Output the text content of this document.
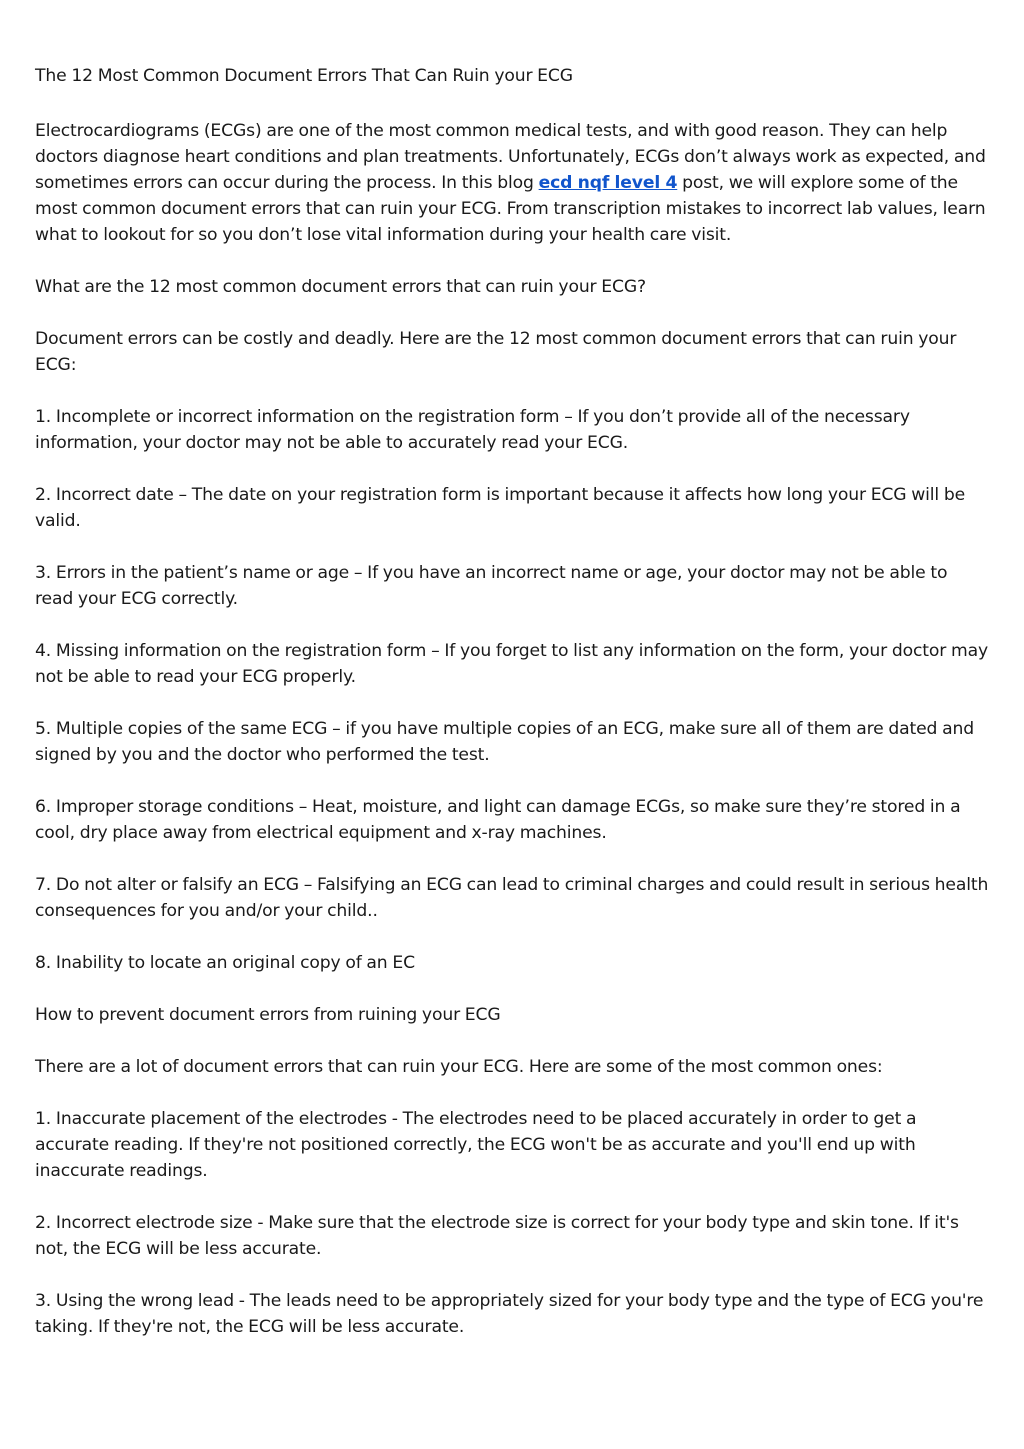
The 12 Most Common Document Errors That Can Ruin your ECG

Electrocardiograms (ECGs) are one of the most common medical tests, and with good reason. They can help doctors diagnose heart conditions and plan treatments. Unfortunately, ECGs don’t always work as expected, and sometimes errors can occur during the process. In this blog ecd nqf level 4 post, we will explore some of the most common document errors that can ruin your ECG. From transcription mistakes to incorrect lab values, learn what to lookout for so you don’t lose vital information during your health care visit.

What are the 12 most common document errors that can ruin your ECG?

Document errors can be costly and deadly. Here are the 12 most common document errors that can ruin your ECG:

1. Incomplete or incorrect information on the registration form – If you don’t provide all of the necessary information, your doctor may not be able to accurately read your ECG.

2. Incorrect date – The date on your registration form is important because it affects how long your ECG will be valid.

3. Errors in the patient’s name or age – If you have an incorrect name or age, your doctor may not be able to read your ECG correctly.

4. Missing information on the registration form – If you forget to list any information on the form, your doctor may not be able to read your ECG properly.

5. Multiple copies of the same ECG – if you have multiple copies of an ECG, make sure all of them are dated and signed by you and the doctor who performed the test.

6. Improper storage conditions – Heat, moisture, and light can damage ECGs, so make sure they’re stored in a cool, dry place away from electrical equipment and x-ray machines.

7. Do not alter or falsify an ECG – Falsifying an ECG can lead to criminal charges and could result in serious health consequences for you and/or your child..

8. Inability to locate an original copy of an EC

How to prevent document errors from ruining your ECG

There are a lot of document errors that can ruin your ECG. Here are some of the most common ones:

1. Inaccurate placement of the electrodes - The electrodes need to be placed accurately in order to get a accurate reading. If they're not positioned correctly, the ECG won't be as accurate and you'll end up with inaccurate readings.

2. Incorrect electrode size - Make sure that the electrode size is correct for your body type and skin tone. If it's not, the ECG will be less accurate.

3. Using the wrong lead - The leads need to be appropriately sized for your body type and the type of ECG you're taking. If they're not, the ECG will be less accurate.
